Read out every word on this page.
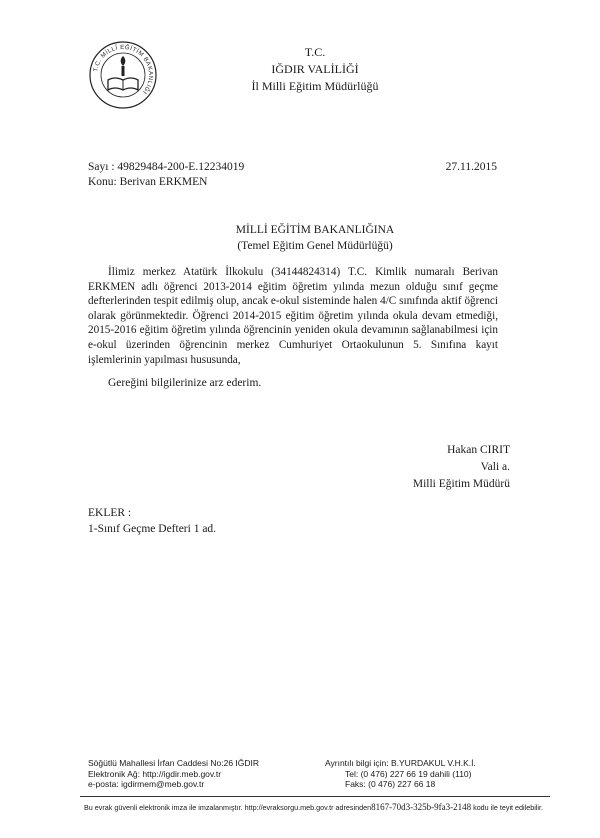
T.C. MİLLÎ EĞİTİM BAKANLIĞI
T.C.
IĞDIR VALİLİĞİ
İl Milli Eğitim Müdürlüğü
Sayı : 49829484-200-E.12234019	27.11.2015
Konu: Berivan ERKMEN
MİLLİ EĞİTİM BAKANLIĞINA
(Temel Eğitim Genel Müdürlüğü)

İlimiz merkez Atatürk İlkokulu (34144824314) T.C. Kimlik numaralı Berivan ERKMEN adlı öğrenci 2013-2014 eğitim öğretim yılında mezun olduğu sınıf geçme defterlerinden tespit edilmiş olup, ancak e-okul sisteminde halen 4/C sınıfında aktif öğrenci olarak görünmektedir. Öğrenci 2014-2015 eğitim öğretim yılında okula devam etmediği, 2015-2016 eğitim öğretim yılında öğrencinin yeniden okula devamının sağlanabilmesi için e-okul üzerinden öğrencinin merkez Cumhuriyet Ortaokulunun 5. Sınıfına kayıt işlemlerinin yapılması hususunda,

Gereğini bilgilerinize arz ederim.
Hakan CIRIT
Vali a.
Milli Eğitim Müdürü
EKLER :
1-Sınıf Geçme Defteri 1 ad.
Söğütlü Mahallesi İrfan Caddesi No:26 IĞDIR
Elektronik Ağ: http://igdir.meb.gov.tr
e-posta: igdirmem@meb.gov.tr
Ayrıntılı bilgi için: B.YURDAKUL V.H.K.İ.
Tel: (0 476) 227 66 19 dahili (110)
Faks: (0 476) 227 66 18
Bu evrak güvenli elektronik imza ile imzalanmıştır. http://evraksorgu.meb.gov.tr adresinden8167-70d3-325b-9fa3-2148 kodu ile teyit edilebilir.
